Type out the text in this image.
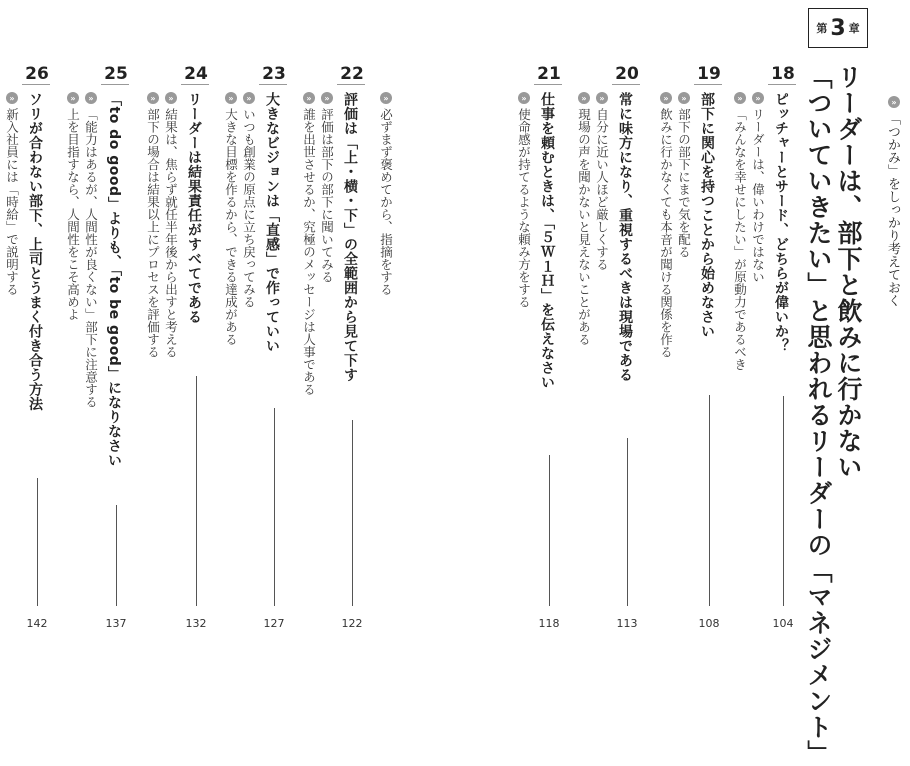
第 3 章
»
「つかみ」をしっかり考えておく
リーダーは、部下と飲みに行かない
「ついていきたい」と思われるリーダーの「マネジメント」
18
ピッチャーとサード、どちらが偉いか？
»
リーダーは、偉いわけではない
»
「みんなを幸せにしたい」が原動力であるべき
104
19
部下に関心を持つことから始めなさい
»
部下の部下にまで気を配る
»
飲みに行かなくても本音が聞ける関係を作る
108
20
常に味方になり、重視するべきは現場である
»
自分に近い人ほど厳しくする
»
現場の声を聞かないと見えないことがある
113
21
仕事を頼むときは、「５Ｗ１Ｈ」を伝えなさい
»
使命感が持てるような頼み方をする
118
22
評価は「上・横・下」の全範囲から見て下す	»
必ずまず褒めてから、指摘をする
»
評価は部下の部下に聞いてみる
»
誰を出世させるか、究極のメッセージは人事である
122
23
大きなビジョンは「直感」で作っていい
»
いつも創業の原点に立ち戻ってみる
»
大きな目標を作るから、できる達成がある
127
24
リーダーは結果責任がすべてである
»
結果は、焦らず就任半年後から出すと考える
»
部下の場合は結果以上にプロセスを評価する
132
25
「to do good」よりも、「to be good」になりなさい
»
「能力はあるが、人間性が良くない」部下に注意する
»
上を目指すなら、人間性をこそ高めよ
137
26
ソリが合わない部下、上司とうまく付き合う方法
»
新入社員には「時給」で説明する
142
